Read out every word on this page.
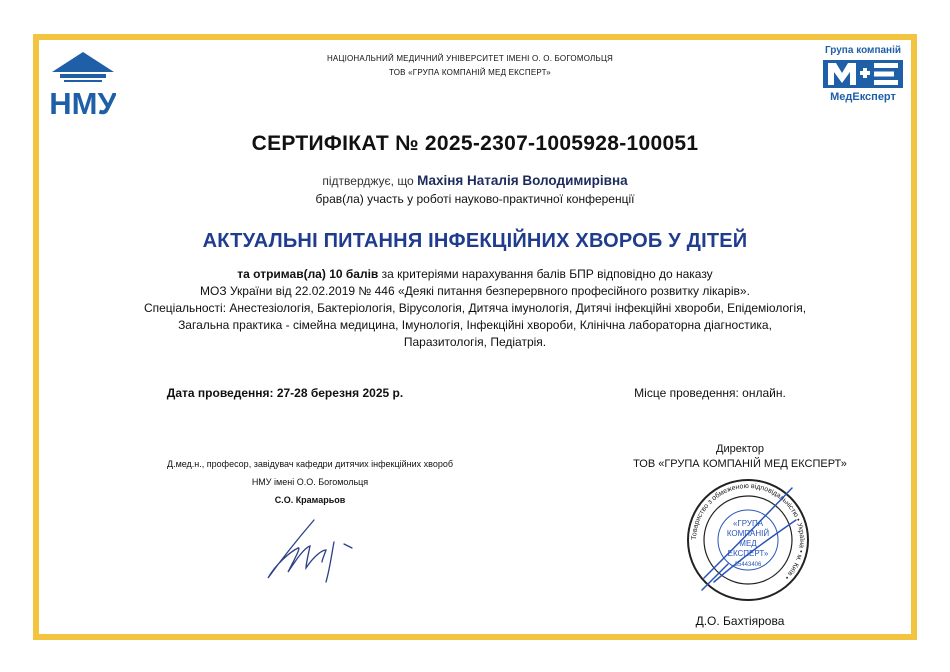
НМУ
НАЦІОНАЛЬНИЙ МЕДИЧНИЙ УНІВЕРСИТЕТ ІМЕНІ О. О. БОГОМОЛЬЦЯ
ТОВ «ГРУПА КОМПАНІЙ МЕД ЕКСПЕРТ»
Група компаній
МедЕксперт
СЕРТИФІКАТ № 2025-2307-1005928-100051
підтверджує, що Махіня Наталія Володимирівна
брав(ла) участь у роботі науково-практичної конференції
АКТУАЛЬНІ ПИТАННЯ ІНФЕКЦІЙНИХ ХВОРОБ У ДІТЕЙ
та отримав(ла) 10 балів за критеріями нарахування балів БПР відповідно до наказу
МОЗ України від 22.02.2019 № 446 «Деякі питання безперервного професійного розвитку лікарів».
Спеціальності: Анестезіологія, Бактеріологія, Вірусологія, Дитяча імунологія, Дитячі інфекційні хвороби, Епідеміологія,
Загальна практика - сімейна медицина, Імунологія, Інфекційні хвороби, Клінічна лабораторна діагностика,
Паразитологія, Педіатрія.
Дата проведення: 27-28 березня 2025 р.	Місце проведення: онлайн.
Д.мед.н., професор, завідувач кафедри дитячих інфекційних хвороб
НМУ імені О.О. Богомольця
С.О. Крамарьов
Директор
ТОВ «ГРУПА КОМПАНІЙ МЕД ЕКСПЕРТ»
Товариство з обмеженою відповідальністю • Україна • м. Київ •
«ГРУПА
КОМПАНІЙ
МЕД
ЕКСПЕРТ»
35443406
Д.О. Бахтіярова
